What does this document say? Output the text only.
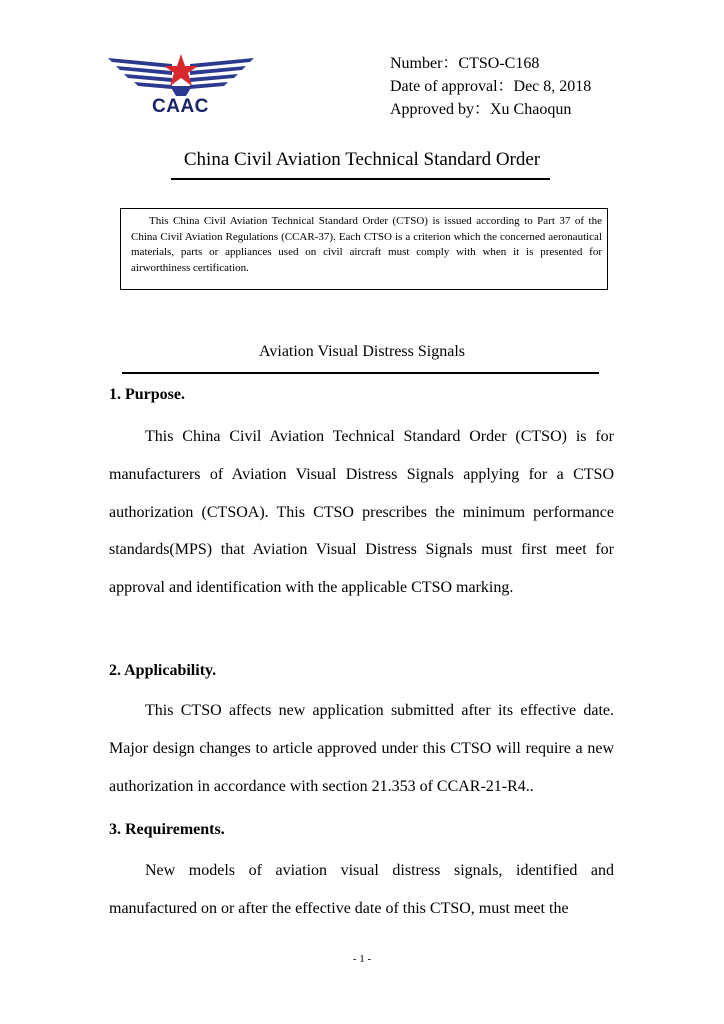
CAAC
Number：CTSO-C168
Date of approval：Dec 8, 2018
Approved by：Xu Chaoqun
China Civil Aviation Technical Standard Order

This China Civil Aviation Technical Standard Order (CTSO) is issued according to Part 37 of the China Civil Aviation Regulations (CCAR-37). Each CTSO is a criterion which the concerned aeronautical materials, parts or appliances used on civil aircraft must comply with when it is presented for airworthiness certification.

Aviation Visual Distress Signals
1. Purpose.

This China Civil Aviation Technical Standard Order (CTSO) is for manufacturers of Aviation Visual Distress Signals applying for a CTSO authorization (CTSOA). This CTSO prescribes the minimum performance standards(MPS) that Aviation Visual Distress Signals must first meet for approval and identification with the applicable CTSO marking.

2. Applicability.

This CTSO affects new application submitted after its effective date. Major design changes to article approved under this CTSO will require a new authorization in accordance with section 21.353 of CCAR-21-R4..

3. Requirements.

New models of aviation visual distress signals, identified and manufactured on or after the effective date of this CTSO, must meet the

- 1 -
